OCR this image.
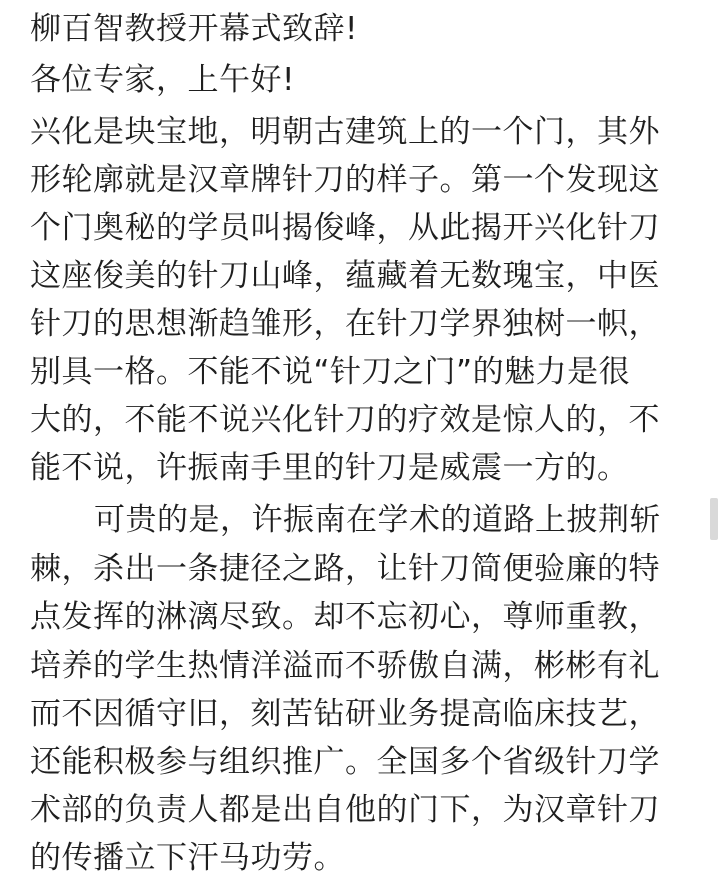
柳百智教授开幕式致辞!
各位专家，上午好!
兴化是块宝地，明朝古建筑上的一个门，其外
形轮廓就是汉章牌针刀的样子。第一个发现这
个门奥秘的学员叫揭俊峰，从此揭开兴化针刀
这座俊美的针刀山峰，蕴藏着无数瑰宝，中医
针刀的思想渐趋雏形，在针刀学界独树一帜，
别具一格。不能不说“针刀之门”的魅力是很
大的，不能不说兴化针刀的疗效是惊人的，不
能不说，许振南手里的针刀是威震一方的。
可贵的是，许振南在学术的道路上披荆斩
棘，杀出一条捷径之路，让针刀简便验廉的特
点发挥的淋漓尽致。却不忘初心，尊师重教，
培养的学生热情洋溢而不骄傲自满，彬彬有礼
而不因循守旧，刻苦钻研业务提高临床技艺，
还能积极参与组织推广。全国多个省级针刀学
术部的负责人都是出自他的门下，为汉章针刀
的传播立下汗马功劳。
